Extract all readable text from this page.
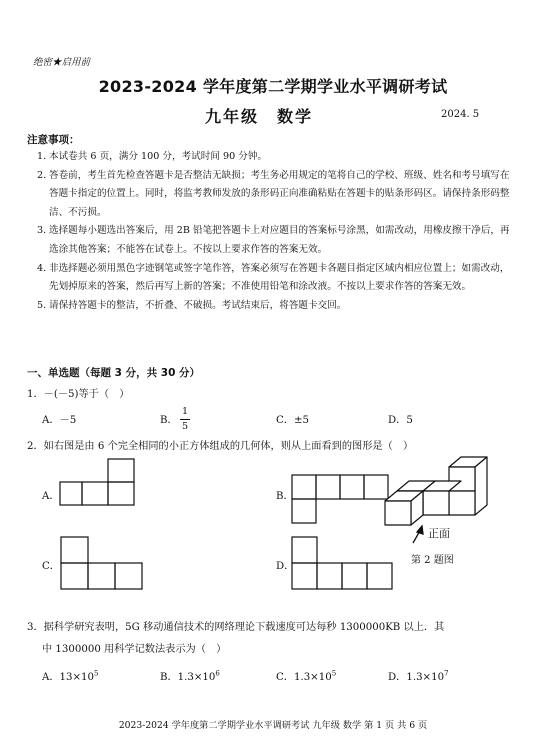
绝密★启用前
2023-2024 学年度第二学期学业水平调研考试
九年级　数学	2024. 5
注意事项：
1. 本试卷共 6 页，满分 100 分，考试时间 90 分钟。
2. 答卷前，考生首先检查答题卡是否整洁无缺损；考生务必用规定的笔将自己的学校、班级、姓名和考号填写在答题卡指定的位置上。同时，将监考教师发放的条形码正向准确粘贴在答题卡的贴条形码区。请保持条形码整洁、不污损。
3. 选择题每小题选出答案后，用 2B 铅笔把答题卡上对应题目的答案标号涂黑，如需改动，用橡皮擦干净后，再选涂其他答案；不能答在试卷上。不按以上要求作答的答案无效。
4. 非选择题必须用黑色字迹钢笔或签字笔作答，答案必须写在答题卡各题目指定区域内相应位置上；如需改动，先划掉原来的答案，然后再写上新的答案；不准使用铅笔和涂改液。不按以上要求作答的答案无效。
5. 请保持答题卡的整洁，不折叠、不破损。考试结束后，将答题卡交回。
一、单选题（每题 3 分，共 30 分）
1．－(－5)等于（　）
A．－5	B．
1
5
C．±5	D．5
2．如右图是由 6 个完全相同的小正方体组成的几何体，则从上面看到的图形是（　）
A．	B．
C．	D．
正面
第 2 题图
3．据科学研究表明，5G 移动通信技术的网络理论下载速度可达每秒 1300000KB 以上．其
中 1300000 用科学记数法表示为（　）
A．$13\times 10^5$	B．$1.3\times 10^6$	C．$1.3\times 10^5$	D．$1.3\times 10^7$
2023-2024 学年度第二学期学业水平调研考试 九年级 数学 第 1 页 共 6 页
